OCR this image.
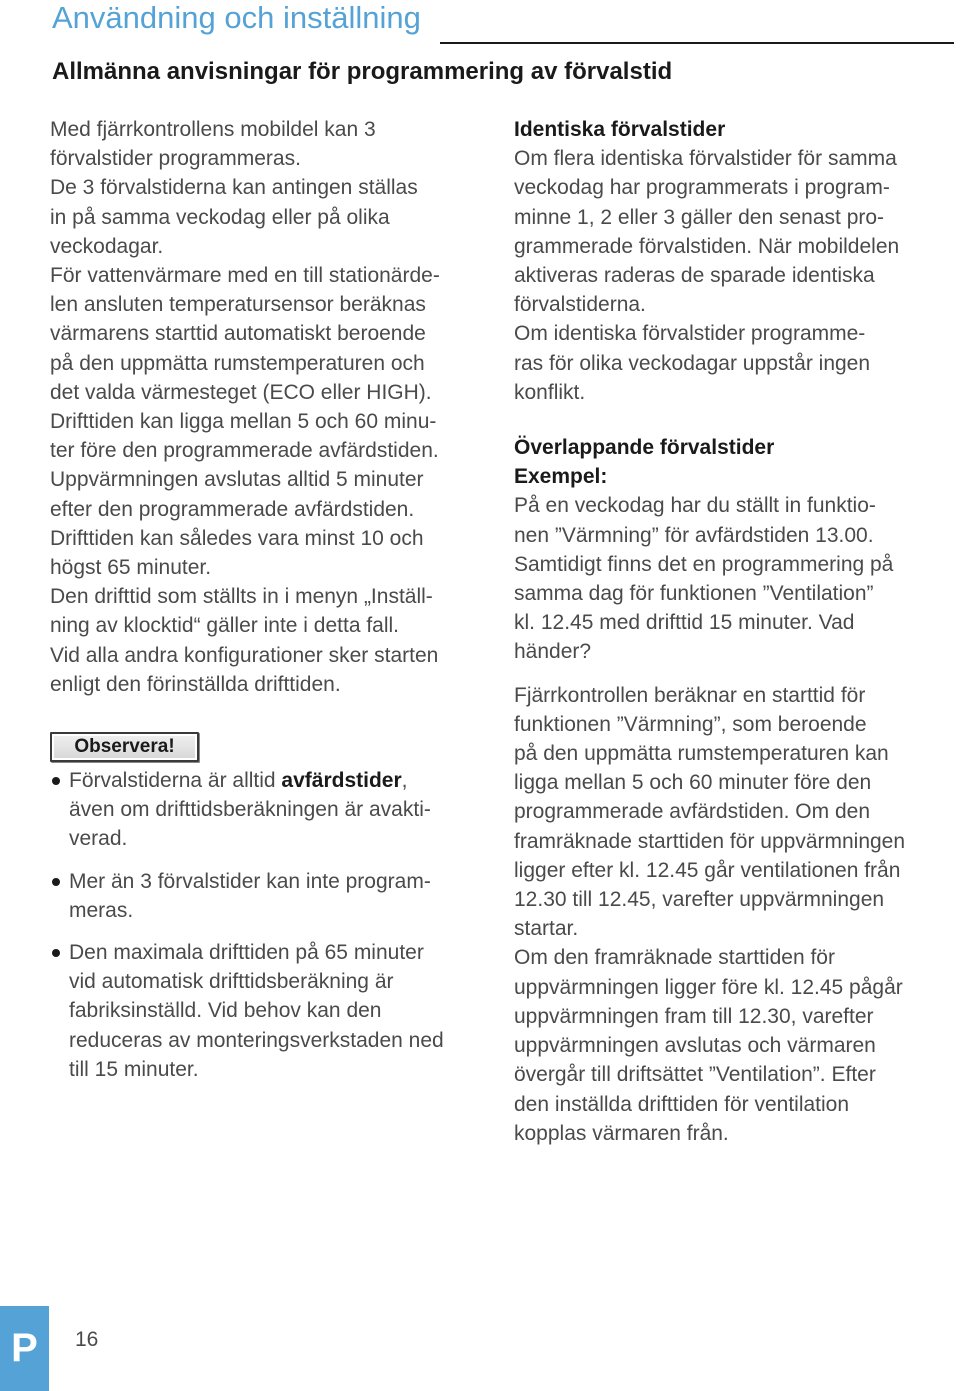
Användning och inställning
Allmänna anvisningar för programmering av förvalstid

Med fjärrkontrollens mobildel kan 3

förvalstider programmeras.

De 3 förvalstiderna kan antingen ställas

in på samma veckodag eller på olika

veckodagar.

För vattenvärmare med en till stationärde-

len ansluten temperatursensor beräknas

värmarens starttid automatiskt beroende

på den uppmätta rumstemperaturen och

det valda värmesteget (ECO eller HIGH).

Drifttiden kan ligga mellan 5 och 60 minu-

ter före den programmerade avfärdstiden.

Uppvärmningen avslutas alltid 5 minuter

efter den programmerade avfärdstiden.

Drifttiden kan således vara minst 10 och

högst 65 minuter.

Den drifttid som ställts in i menyn „Inställ-

ning av klocktid“ gäller inte i detta fall.

Vid alla andra konfigurationer sker starten

enligt den förinställda drifttiden.

Observera!

Förvalstiderna är alltid avfärdstider,

även om drifttidsberäkningen är avakti-

verad.

Mer än 3 förvalstider kan inte program-

meras.

Den maximala drifttiden på 65 minuter

vid automatisk drifttidsberäkning är

fabriksinställd. Vid behov kan den

reduceras av monteringsverkstaden ned

till 15 minuter.

Identiska förvalstider

Om flera identiska förvalstider för samma

veckodag har programmerats i program-

minne 1, 2 eller 3 gäller den senast pro-

grammerade förvalstiden. När mobildelen

aktiveras raderas de sparade identiska

förvalstiderna.

Om identiska förvalstider programme-

ras för olika veckodagar uppstår ingen

konflikt.

Överlappande förvalstider

Exempel:

På en veckodag har du ställt in funktio-

nen ”Värmning” för avfärdstiden 13.00.

Samtidigt finns det en programmering på

samma dag för funktionen ”Ventilation”

kl. 12.45 med drifttid 15 minuter. Vad

händer?

Fjärrkontrollen beräknar en starttid för

funktionen ”Värmning”, som beroende

på den uppmätta rumstemperaturen kan

ligga mellan 5 och 60 minuter före den

programmerade avfärdstiden. Om den

framräknade starttiden för uppvärmningen

ligger efter kl. 12.45 går ventilationen från

12.30 till 12.45, varefter uppvärmningen

startar.

Om den framräknade starttiden för

uppvärmningen ligger före kl. 12.45 pågår

uppvärmningen fram till 12.30, varefter

uppvärmningen avslutas och värmaren

övergår till driftsättet ”Ventilation”. Efter

den inställda drifttiden för ventilation

kopplas värmaren från.

P	16
